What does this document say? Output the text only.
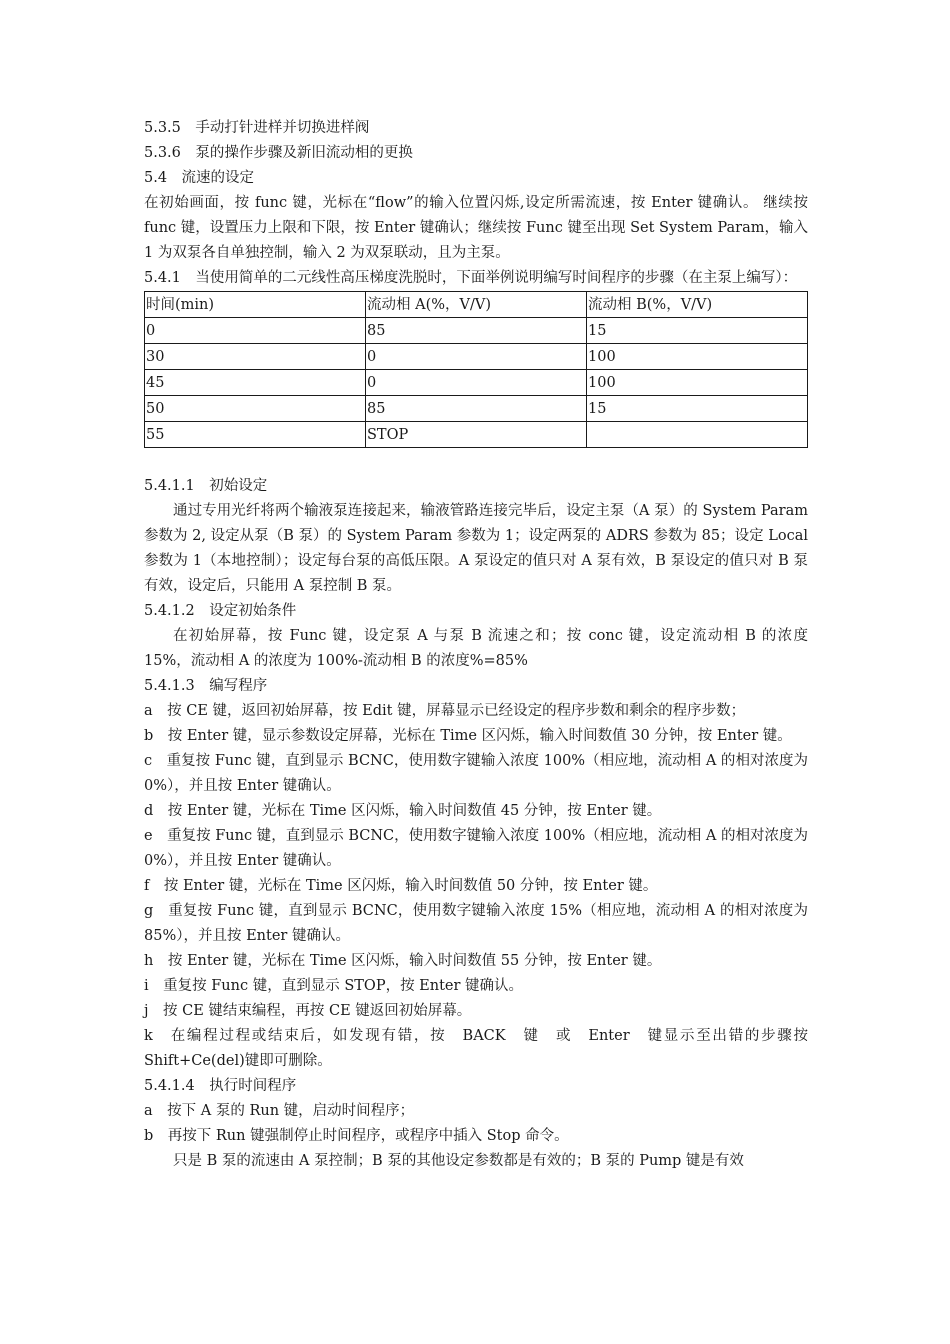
5.3.5　手动打针进样并切换进样阀

5.3.6　泵的操作步骤及新旧流动相的更换

5.4　流速的设定

在初始画面，按 func 键，光标在“flow”的输入位置闪烁,设定所需流速，按 Enter 键确认。 继续按 func 键，设置压力上限和下限，按 Enter 键确认；继续按 Func 键至出现 Set System Param，输入 1 为双泵各自单独控制，输入 2 为双泵联动，且为主泵。

5.4.1　当使用简单的二元线性高压梯度洗脱时，下面举例说明编写时间程序的步骤（在主泵上编写）：

时间(min)	流动相 A(%，V/V)	流动相 B(%，V/V)
0	85	15
30	0	100
45	0	100
50	85	15
55	STOP	

5.4.1.1　初始设定

通过专用光纤将两个输液泵连接起来，输液管路连接完毕后，设定主泵（A 泵）的 System Param 参数为 2, 设定从泵（B 泵）的 System Param 参数为 1；设定两泵的 ADRS 参数为 85；设定 Local 参数为 1（本地控制）；设定每台泵的高低压限。A 泵设定的值只对 A 泵有效，B 泵设定的值只对 B 泵有效，设定后，只能用 A 泵控制 B 泵。

5.4.1.2　设定初始条件

在初始屏幕，按 Func 键，设定泵 A 与泵 B 流速之和；按 conc 键，设定流动相 B 的浓度 15%，流动相 A 的浓度为 100%-流动相 B 的浓度%=85%

5.4.1.3　编写程序

a　按 CE 键，返回初始屏幕，按 Edit 键，屏幕显示已经设定的程序步数和剩余的程序步数；

b　按 Enter 键，显示参数设定屏幕，光标在 Time 区闪烁，输入时间数值 30 分钟，按 Enter 键。

c　重复按 Func 键，直到显示 BCNC，使用数字键输入浓度 100%（相应地，流动相 A 的相对浓度为 0%），并且按 Enter 键确认。

d　按 Enter 键，光标在 Time 区闪烁，输入时间数值 45 分钟，按 Enter 键。

e　重复按 Func 键，直到显示 BCNC，使用数字键输入浓度 100%（相应地，流动相 A 的相对浓度为 0%），并且按 Enter 键确认。

f　按 Enter 键，光标在 Time 区闪烁，输入时间数值 50 分钟，按 Enter 键。

g　重复按 Func 键，直到显示 BCNC，使用数字键输入浓度 15%（相应地，流动相 A 的相对浓度为 85%），并且按 Enter 键确认。

h　按 Enter 键，光标在 Time 区闪烁，输入时间数值 55 分钟，按 Enter 键。

i　重复按 Func 键，直到显示 STOP，按 Enter 键确认。

j　按 CE 键结束编程，再按 CE 键返回初始屏幕。

k　在编程过程或结束后，如发现有错，按　BACK　键　或　Enter　键显示至出错的步骤按 Shift+Ce(del)键即可删除。

5.4.1.4　执行时间程序

a　按下 A 泵的 Run 键，启动时间程序；

b　再按下 Run 键强制停止时间程序，或程序中插入 Stop 命令。

只是 B 泵的流速由 A 泵控制；B 泵的其他设定参数都是有效的；B 泵的 Pump 键是有效
